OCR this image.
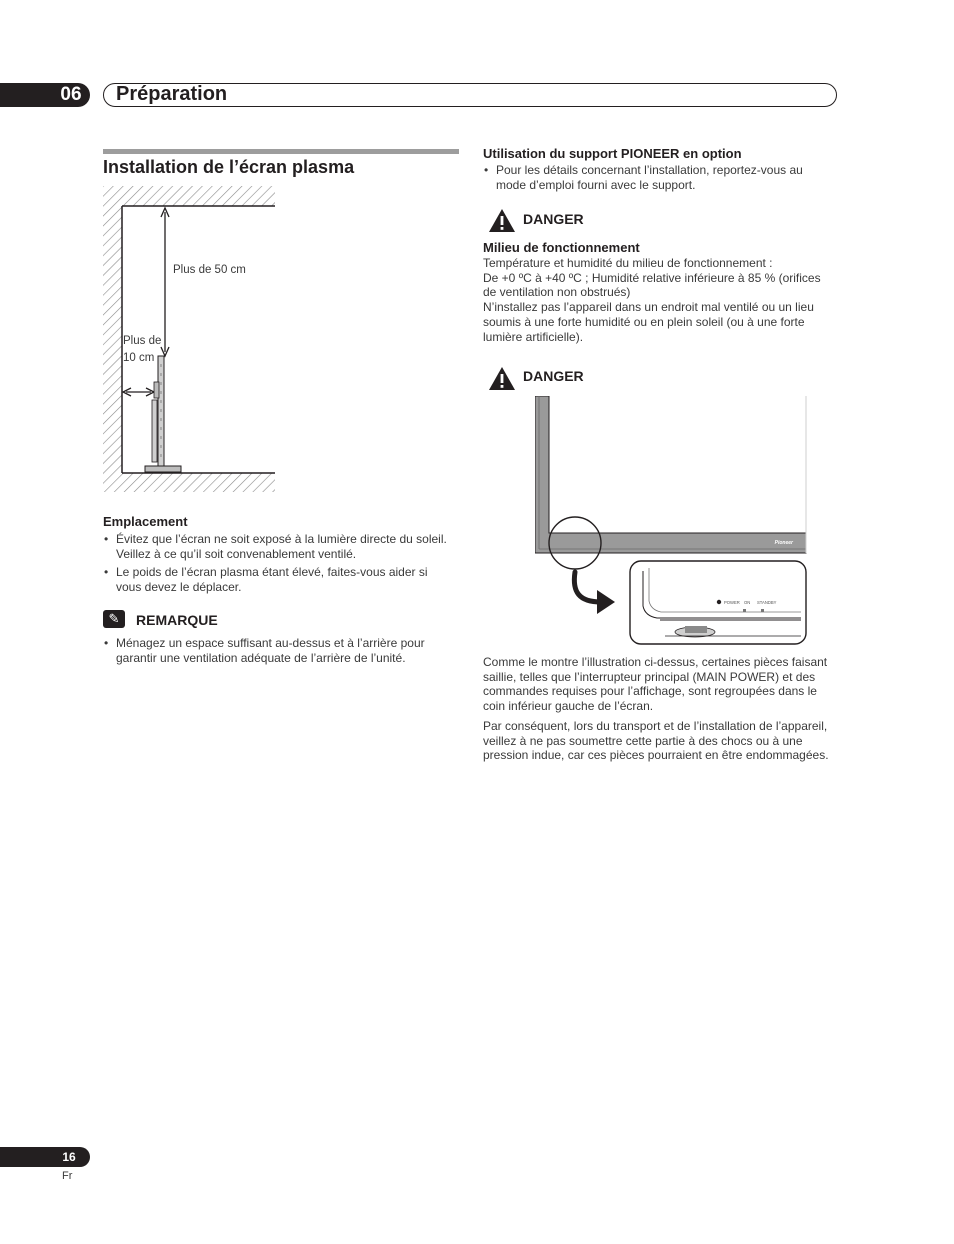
06	Préparation
Installation de l’écran plasma
Plus de 50 cm
Plus de
10 cm
Emplacement
• Évitez que l’écran ne soit exposé à la lumière directe du soleil. Veillez à ce qu’il soit convenablement ventilé.
• Le poids de l’écran plasma étant élevé, faites-vous aider si vous devez le déplacer.
✎	REMARQUE
• Ménagez un espace suffisant au-dessus et à l’arrière pour garantir une ventilation adéquate de l’arrière de l’unité.
Utilisation du support PIONEER en option
• Pour les détails concernant l’installation, reportez-vous au mode d’emploi fourni avec le support.
DANGER
Milieu de fonctionnement
Température et humidité du milieu de fonctionnement :
De +0 ºC à +40 ºC ; Humidité relative inférieure à 85 % (orifices de ventilation non obstrués)
N’installez pas l’appareil dans un endroit mal ventilé ou un lieu soumis à une forte humidité ou en plein soleil (ou à une forte lumière artificielle).
DANGER
Pioneer
POWER ON STANDBY
Comme le montre l’illustration ci-dessus, certaines pièces faisant saillie, telles que l’interrupteur principal (MAIN POWER) et des commandes requises pour l’affichage, sont regroupées dans le coin inférieur gauche de l’écran.
Par conséquent, lors du transport et de l’installation de l’appareil, veillez à ne pas soumettre cette partie à des chocs ou à une pression indue, car ces pièces pourraient en être endommagées.
16
Fr
